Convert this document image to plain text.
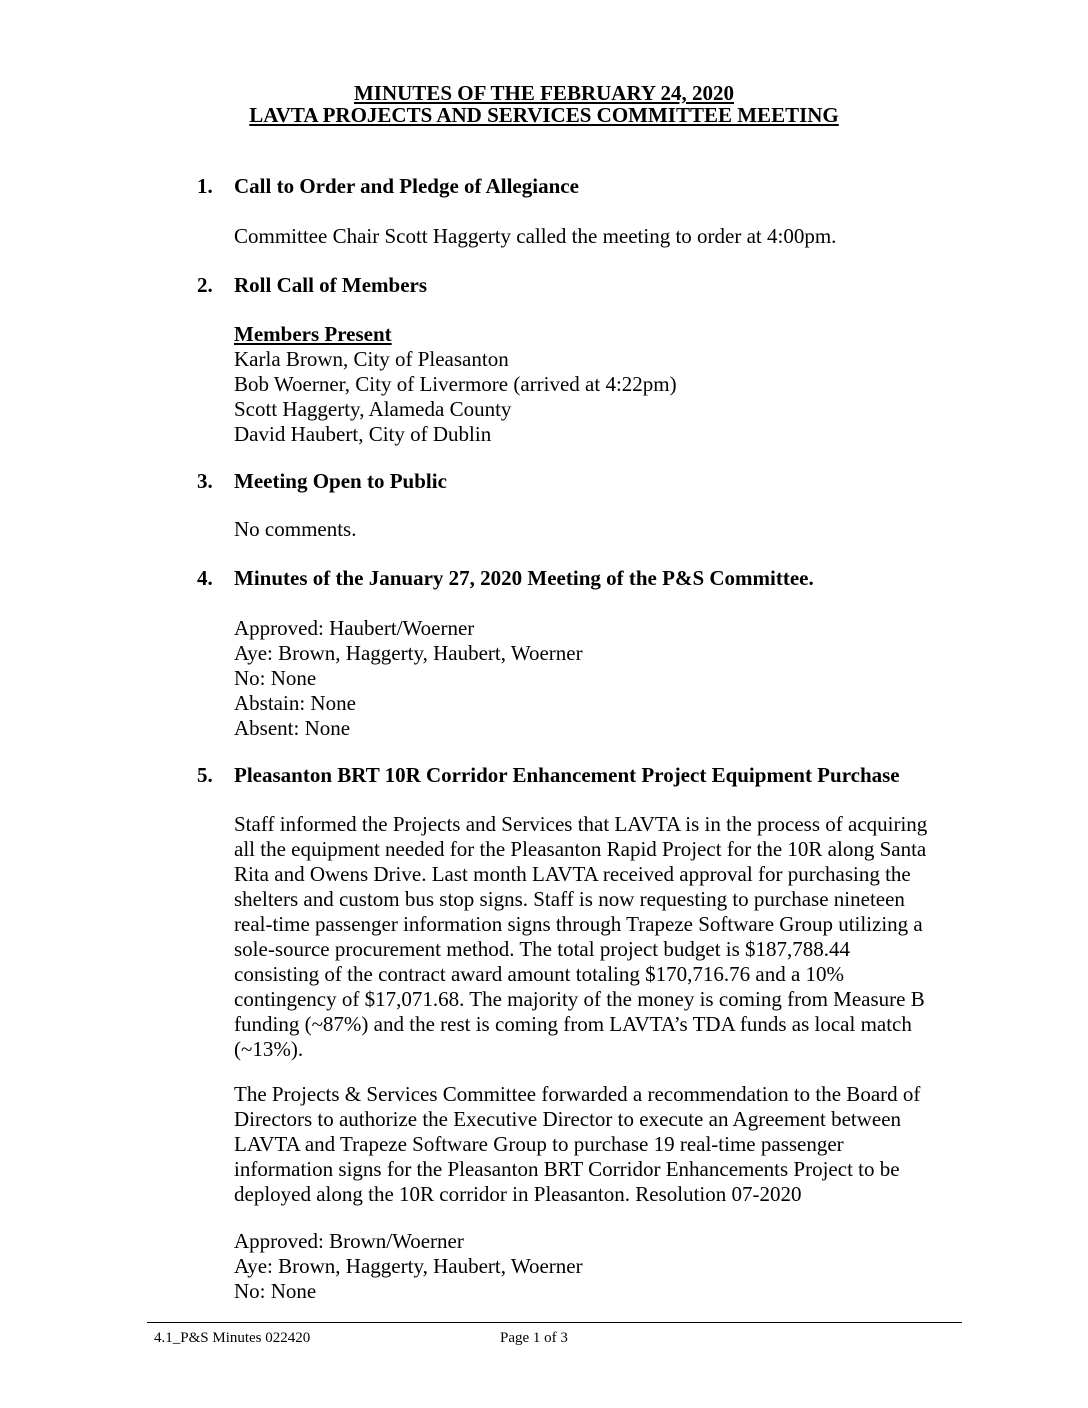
MINUTES OF THE FEBRUARY 24, 2020
LAVTA PROJECTS AND SERVICES COMMITTEE MEETING
1. Call to Order and Pledge of Allegiance
Committee Chair Scott Haggerty called the meeting to order at 4:00pm.
2. Roll Call of Members
Members Present
Karla Brown, City of Pleasanton
Bob Woerner, City of Livermore (arrived at 4:22pm)
Scott Haggerty, Alameda County
David Haubert, City of Dublin
3. Meeting Open to Public
No comments.
4. Minutes of the January 27, 2020 Meeting of the P&S Committee.
Approved: Haubert/Woerner
Aye: Brown, Haggerty, Haubert, Woerner
No: None
Abstain: None
Absent: None
5. Pleasanton BRT 10R Corridor Enhancement Project Equipment Purchase
Staff informed the Projects and Services that LAVTA is in the process of acquiring
all the equipment needed for the Pleasanton Rapid Project for the 10R along Santa
Rita and Owens Drive. Last month LAVTA received approval for purchasing the
shelters and custom bus stop signs. Staff is now requesting to purchase nineteen
real-time passenger information signs through Trapeze Software Group utilizing a
sole-source procurement method. The total project budget is $187,788.44
consisting of the contract award amount totaling $170,716.76 and a 10%
contingency of $17,071.68. The majority of the money is coming from Measure B
funding (~87%) and the rest is coming from LAVTA’s TDA funds as local match
(~13%).
The Projects & Services Committee forwarded a recommendation to the Board of
Directors to authorize the Executive Director to execute an Agreement between
LAVTA and Trapeze Software Group to purchase 19 real-time passenger
information signs for the Pleasanton BRT Corridor Enhancements Project to be
deployed along the 10R corridor in Pleasanton. Resolution 07-2020
Approved: Brown/Woerner
Aye: Brown, Haggerty, Haubert, Woerner
No: None
4.1_P&S Minutes 022420	Page 1 of 3
